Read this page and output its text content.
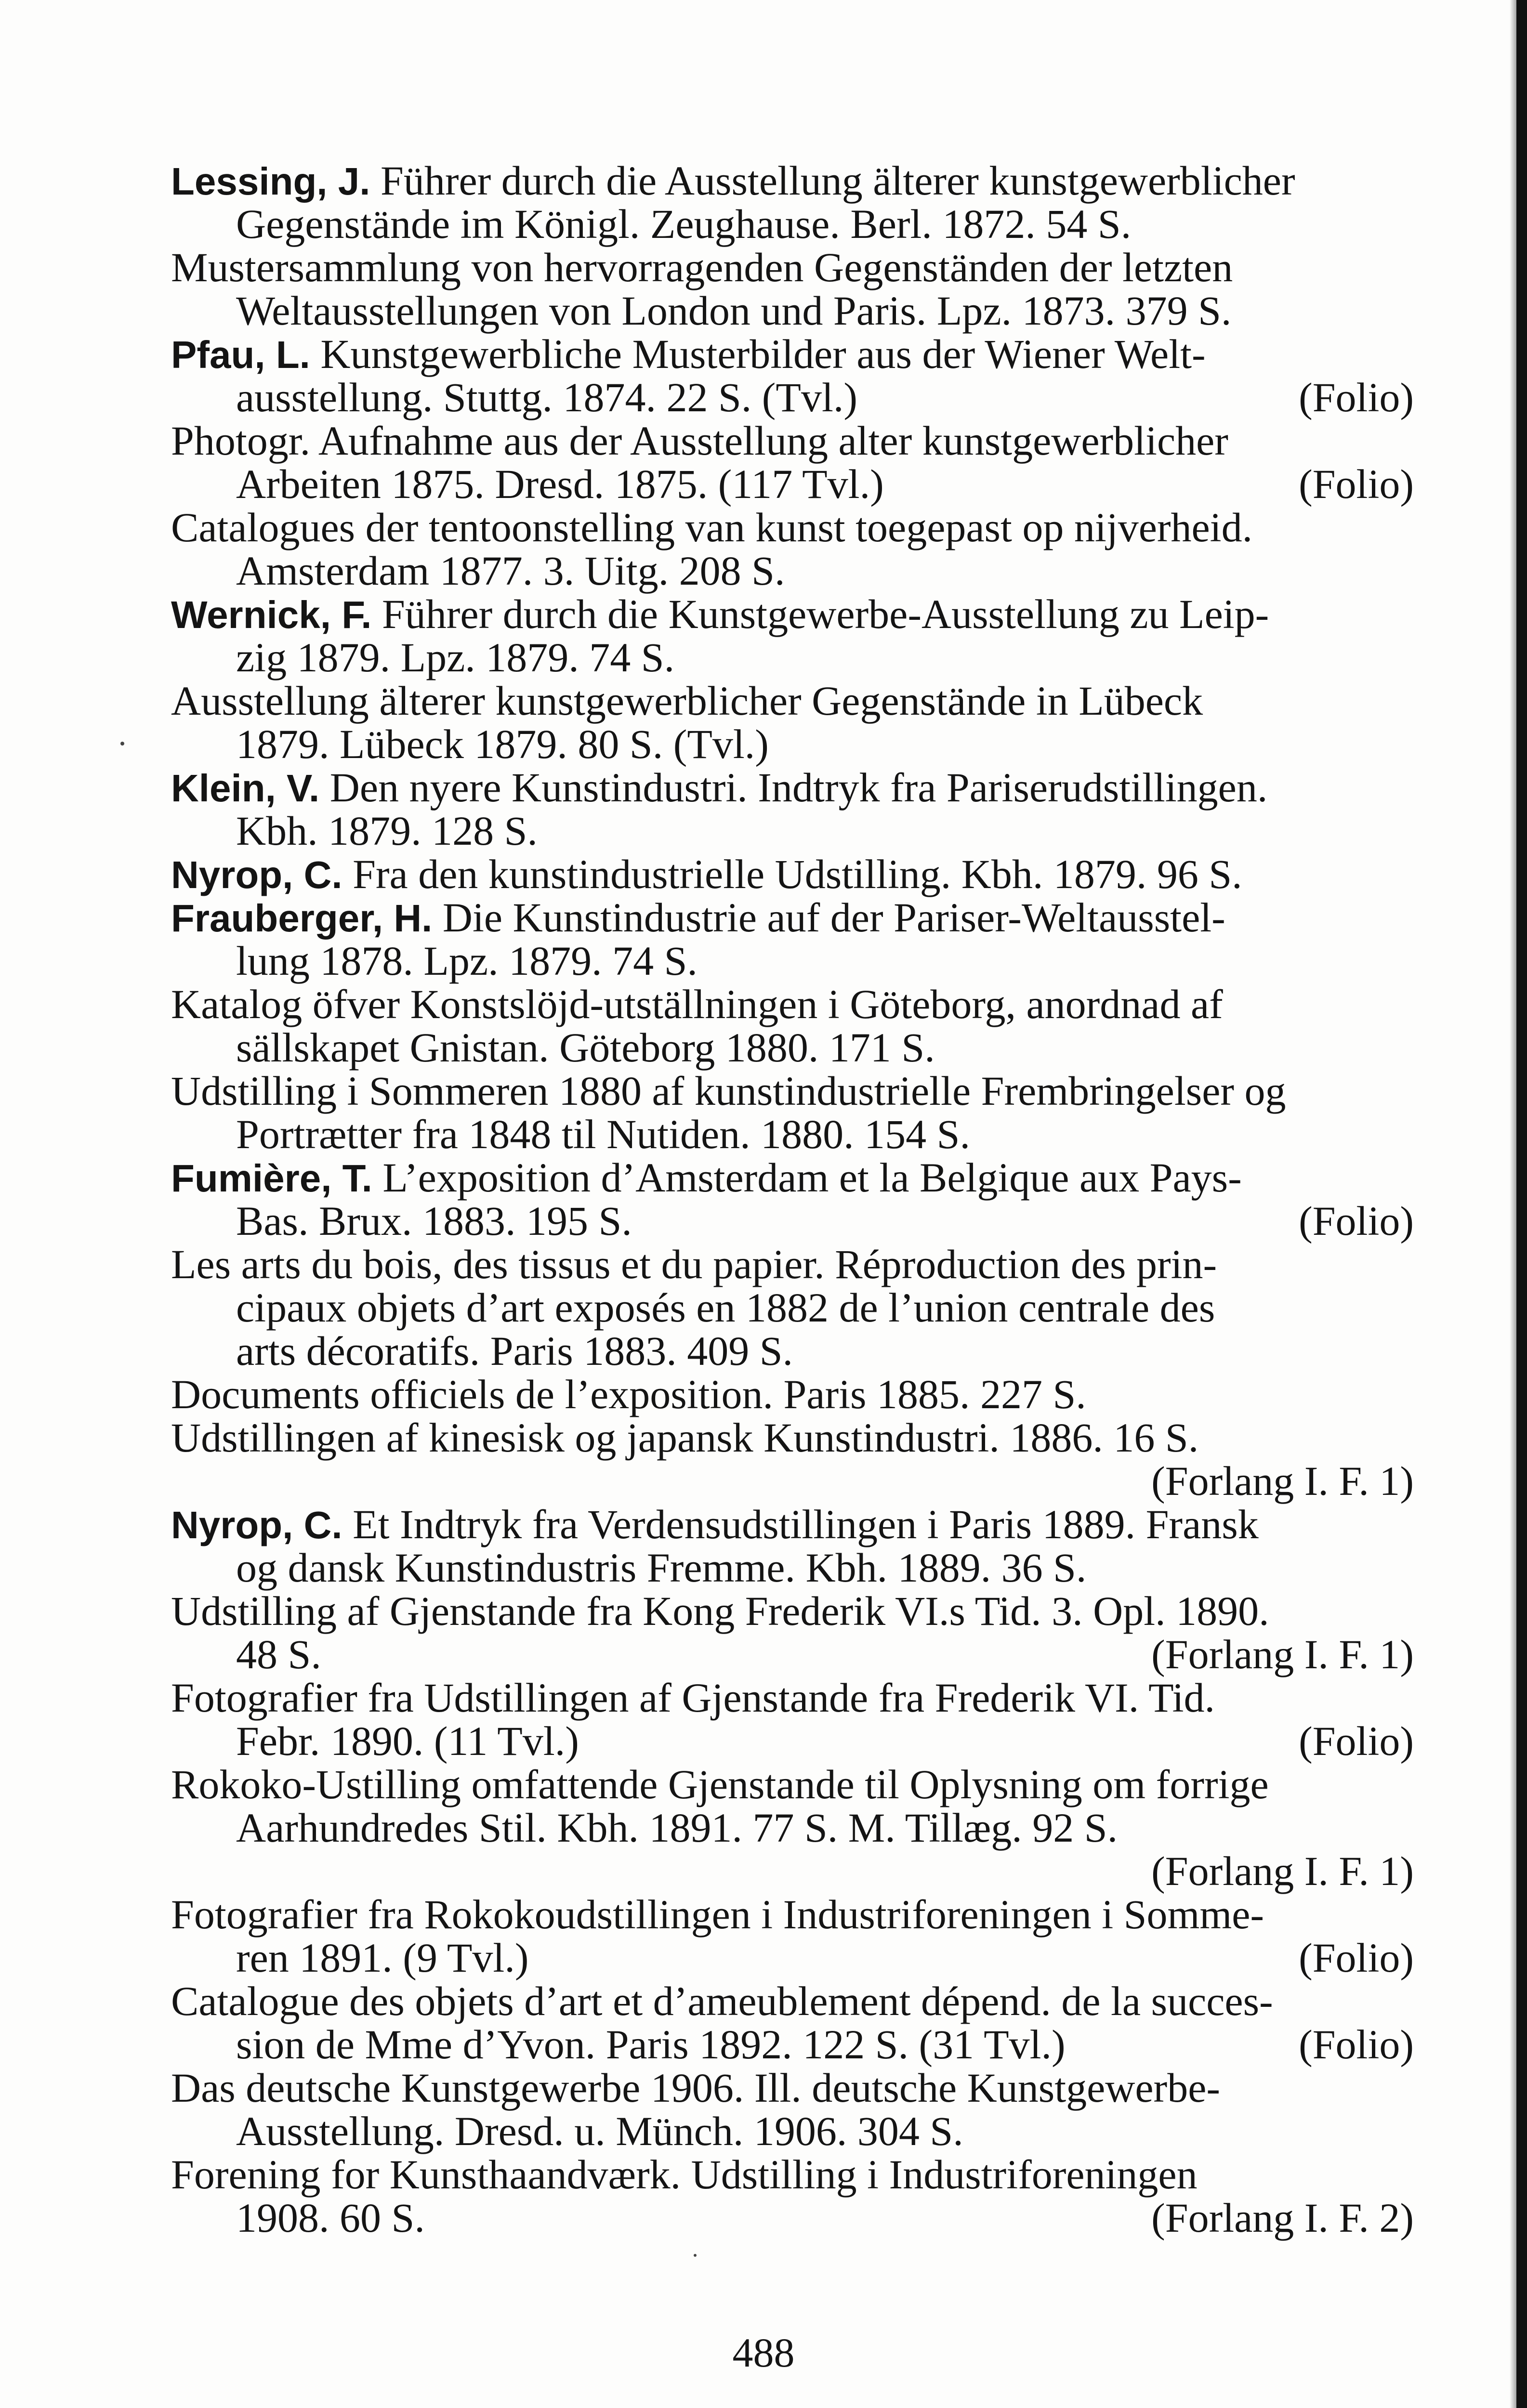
Lessing, J. Führer durch die Ausstellung älterer kunstgewerblicher
Gegenstände im Königl. Zeughause. Berl. 1872. 54 S.
Mustersammlung von hervorragenden Gegenständen der letzten
Weltausstellungen von London und Paris. Lpz. 1873. 379 S.
Pfau, L. Kunstgewerbliche Musterbilder aus der Wiener Welt-
(Folio)
ausstellung. Stuttg. 1874. 22 S. (Tvl.)
Photogr. Aufnahme aus der Ausstellung alter kunstgewerblicher
(Folio)
Arbeiten 1875. Dresd. 1875. (117 Tvl.)
Catalogues der tentoonstelling van kunst toegepast op nijverheid.
Amsterdam 1877. 3. Uitg. 208 S.
Wernick, F. Führer durch die Kunstgewerbe-Ausstellung zu Leip-
zig 1879. Lpz. 1879. 74 S.
Ausstellung älterer kunstgewerblicher Gegenstände in Lübeck
1879. Lübeck 1879. 80 S. (Tvl.)
Klein, V. Den nyere Kunstindustri. Indtryk fra Pariserudstillingen.
Kbh. 1879. 128 S.
Nyrop, C. Fra den kunstindustrielle Udstilling. Kbh. 1879. 96 S.
Frauberger, H. Die Kunstindustrie auf der Pariser-Weltausstel-
lung 1878. Lpz. 1879. 74 S.
Katalog öfver Konstslöjd-utställningen i Göteborg, anordnad af
sällskapet Gnistan. Göteborg 1880. 171 S.
Udstilling i Sommeren 1880 af kunstindustrielle Frembringelser og
Portrætter fra 1848 til Nutiden. 1880. 154 S.
Fumière, T. L’exposition d’Amsterdam et la Belgique aux Pays-
(Folio)
Bas. Brux. 1883. 195 S.
Les arts du bois, des tissus et du papier. Réproduction des prin-
cipaux objets d’art exposés en 1882 de l’union centrale des
arts décoratifs. Paris 1883. 409 S.
Documents officiels de l’exposition. Paris 1885. 227 S.
Udstillingen af kinesisk og japansk Kunstindustri. 1886. 16 S.
(Forlang I. F. 1)
Nyrop, C. Et Indtryk fra Verdensudstillingen i Paris 1889. Fransk
og dansk Kunstindustris Fremme. Kbh. 1889. 36 S.
Udstilling af Gjenstande fra Kong Frederik VI.s Tid. 3. Opl. 1890.
(Forlang I. F. 1)
48 S.
Fotografier fra Udstillingen af Gjenstande fra Frederik VI. Tid.
(Folio)
Febr. 1890. (11 Tvl.)
Rokoko-Ustilling omfattende Gjenstande til Oplysning om forrige
Aarhundredes Stil. Kbh. 1891. 77 S. M. Tillæg. 92 S.
(Forlang I. F. 1)
Fotografier fra Rokokoudstillingen i Industriforeningen i Somme-
(Folio)
ren 1891. (9 Tvl.)
Catalogue des objets d’art et d’ameublement dépend. de la succes-
(Folio)
sion de Mme d’Yvon. Paris 1892. 122 S. (31 Tvl.)
Das deutsche Kunstgewerbe 1906. Ill. deutsche Kunstgewerbe-
Ausstellung. Dresd. u. Münch. 1906. 304 S.
Forening for Kunsthaandværk. Udstilling i Industriforeningen
(Forlang I. F. 2)
1908. 60 S.
488
